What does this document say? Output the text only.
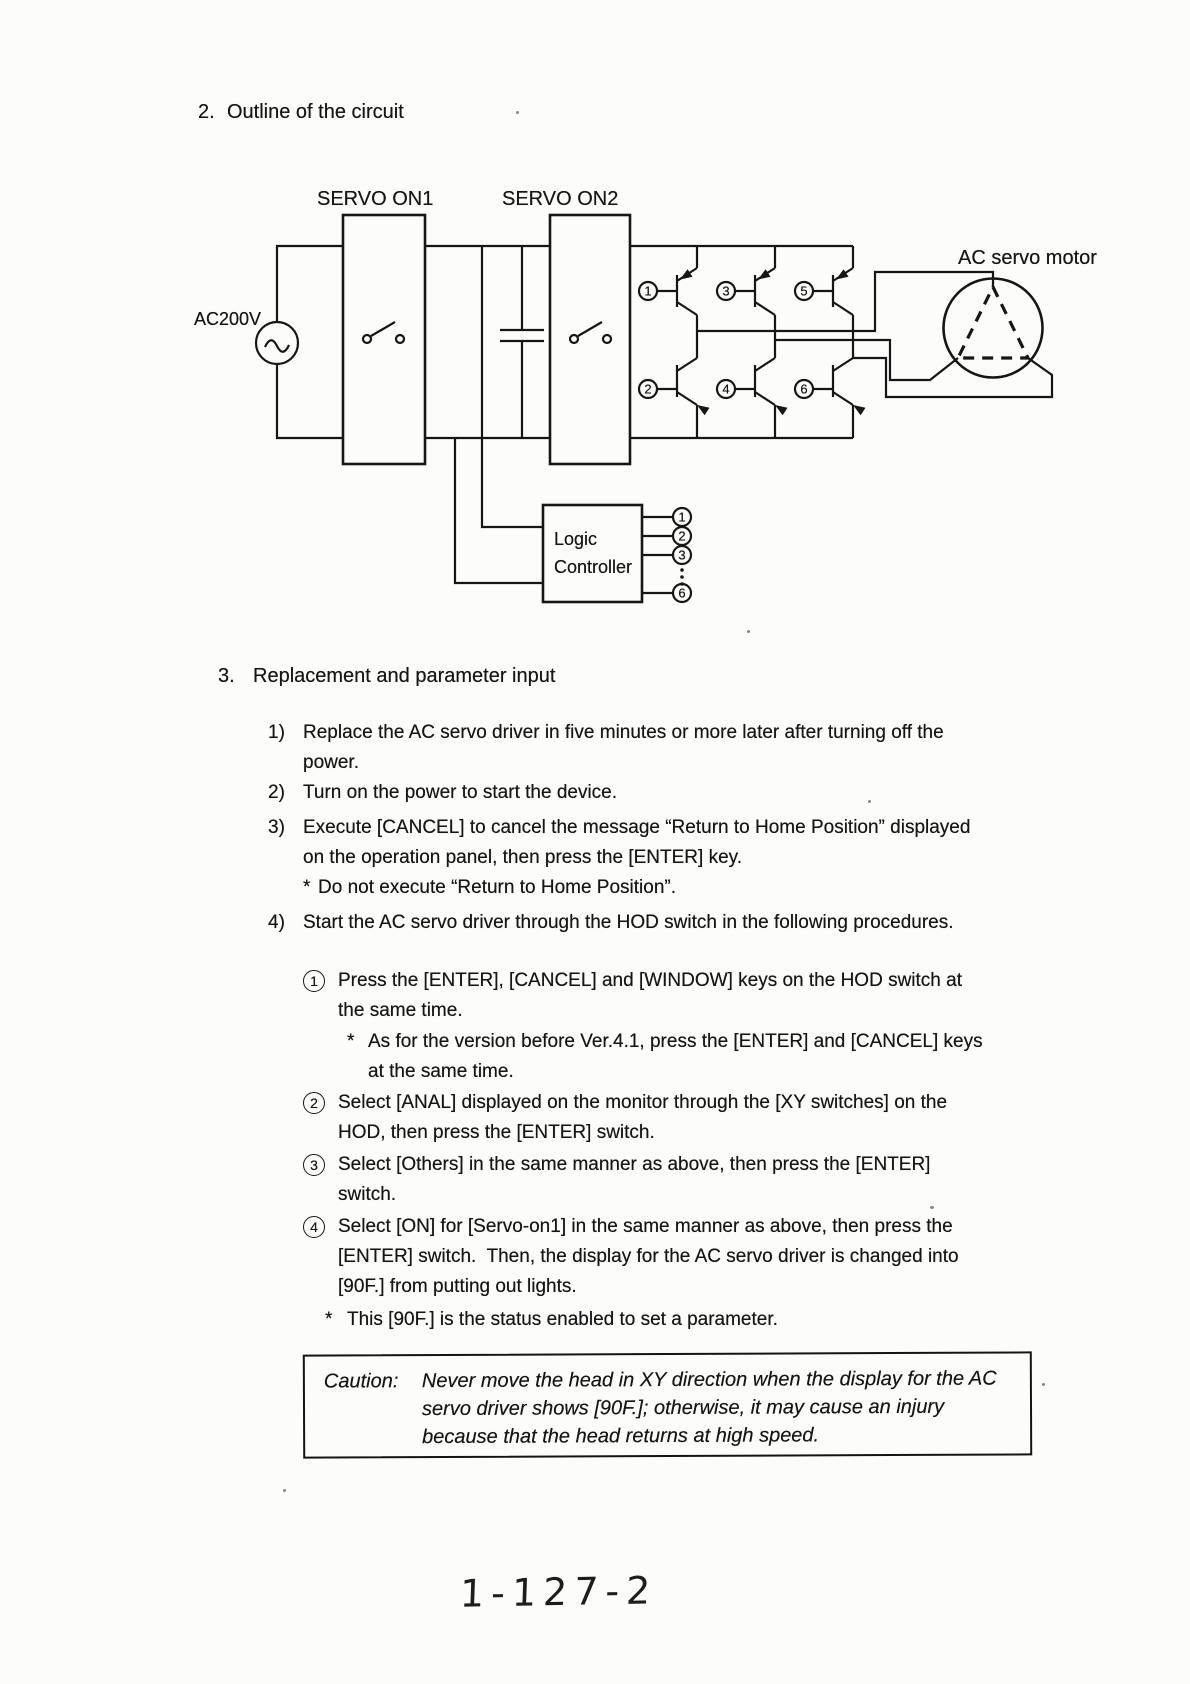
2. Outline of the circuit
SERVO ON1	SERVO ON2
AC200V
AC servo motor
Logic
Controller
1	3	5
2	4	6
1
2
3
6
3. Replacement and parameter input
1) Replace the AC servo driver in five minutes or more later after turning off the
power.
2) Turn on the power to start the device.
3) Execute [CANCEL] to cancel the message “Return to Home Position” displayed
on the operation panel, then press the [ENTER] key.
* Do not execute “Return to Home Position”.
4) Start the AC servo driver through the HOD switch in the following procedures.
1	Press the [ENTER], [CANCEL] and [WINDOW] keys on the HOD switch at
the same time.
* As for the version before Ver.4.1, press the [ENTER] and [CANCEL] keys
at the same time.
2	Select [ANAL] displayed on the monitor through the [XY switches] on the
HOD, then press the [ENTER] switch.
3	Select [Others] in the same manner as above, then press the [ENTER]
switch.
4	Select [ON] for [Servo-on1] in the same manner as above, then press the
[ENTER] switch.  Then, the display for the AC servo driver is changed into
[90F.] from putting out lights.
* This [90F.] is the status enabled to set a parameter.
Caution:	Never move the head in XY direction when the display for the AC
servo driver shows [90F.]; otherwise, it may cause an injury
because that the head returns at high speed.
1-127-2
